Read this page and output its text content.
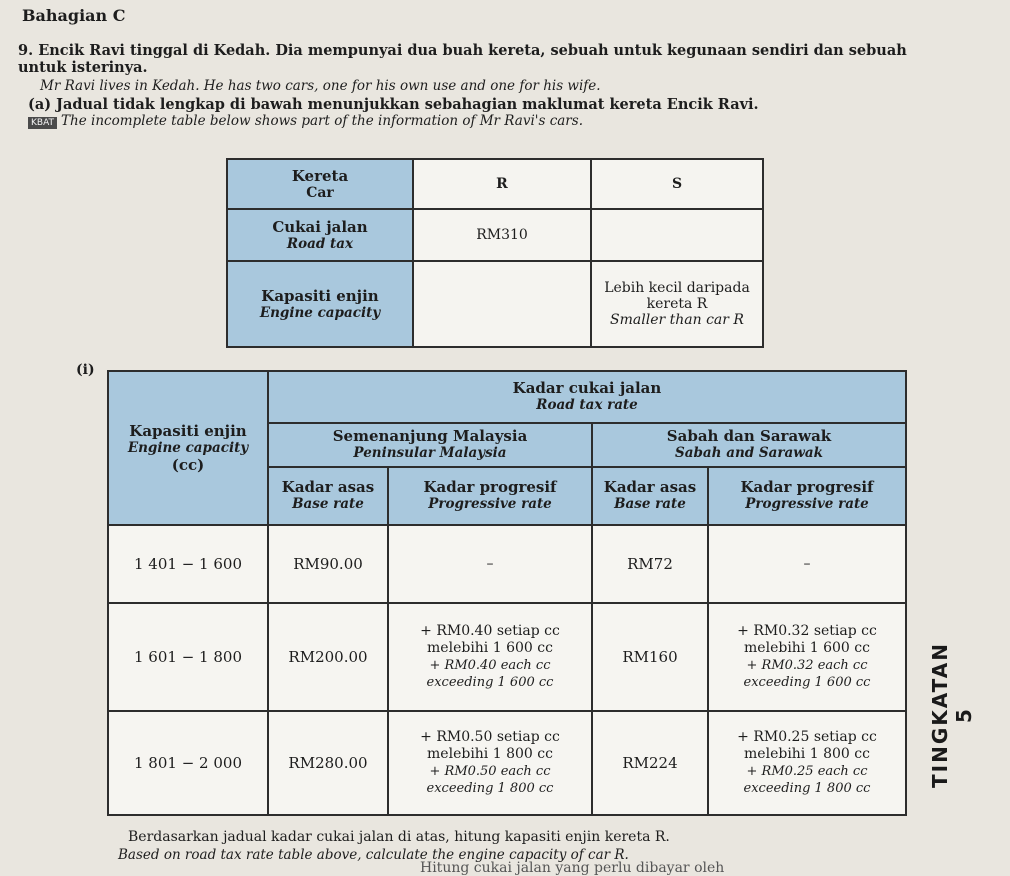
Bahagian C
9. Encik Ravi tinggal di Kedah. Dia mempunyai dua buah kereta, sebuah untuk kegunaan sendiri dan sebuah untuk isterinya.
Mr Ravi lives in Kedah. He has two cars, one for his own use and one for his wife.
(a) Jadual tidak lengkap di bawah menunjukkan sebahagian maklumat kereta Encik Ravi.
KBAT The incomplete table below shows part of the information of Mr Ravi's cars.
Kereta
Car	R	S

Cukai jalan
Road tax	RM310	

Kapasiti enjin
Engine capacity		Lebih kecil daripada
kereta R
Smaller than car R
(i)
Kapasiti enjin
Engine capacity
(cc)	Kadar cukai jalan
Road tax rate			

	Semenanjung Malaysia
Peninsular Malaysia		Sabah dan Sarawak
Sabah and Sarawak	

	Kadar asas
Base rate	Kadar progresif
Progressive rate	Kadar asas
Base rate	Kadar progresif
Progressive rate

1 401 − 1 600	RM90.00	–	RM72	–
1 601 − 1 800	RM200.00	+ RM0.40 setiap cc
melebihi 1 600 cc
+ RM0.40 each cc
exceeding 1 600 cc	RM160	+ RM0.32 setiap cc
melebihi 1 600 cc
+ RM0.32 each cc
exceeding 1 600 cc

1 801 − 2 000	RM280.00	+ RM0.50 setiap cc
melebihi 1 800 cc
+ RM0.50 each cc
exceeding 1 800 cc	RM224	+ RM0.25 setiap cc
melebihi 1 800 cc
+ RM0.25 each cc
exceeding 1 800 cc
TINGKATAN 5
Berdasarkan jadual kadar cukai jalan di atas, hitung kapasiti enjin kereta R.
Based on road tax rate table above, calculate the engine capacity of car R.
Hitung cukai jalan yang perlu dibayar oleh
